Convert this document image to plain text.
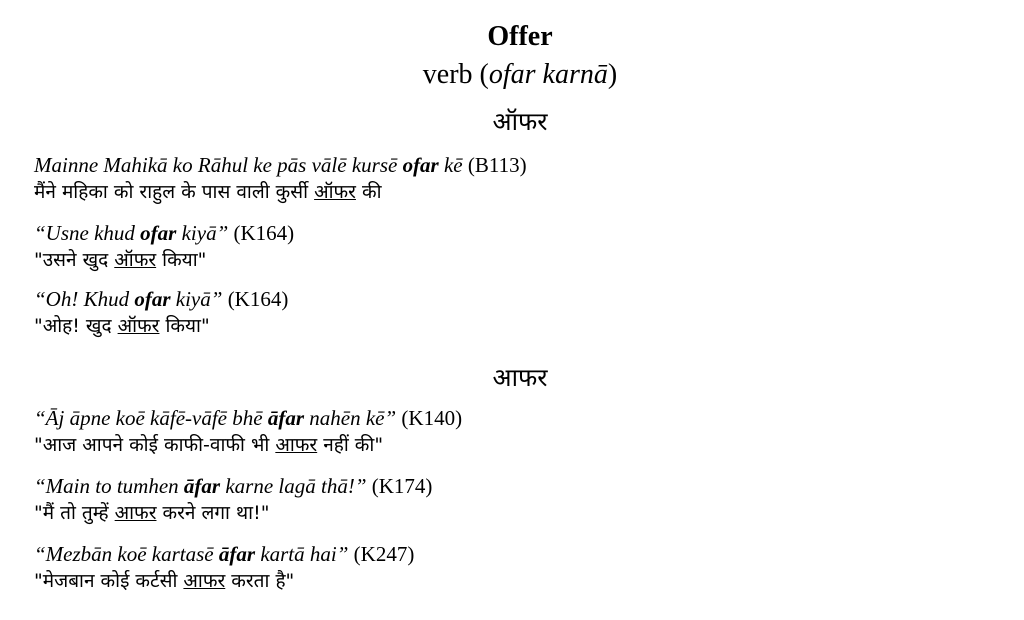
Offer
verb (ofar karnā)
ऑफर
Mainne Mahikā ko Rāhul ke pās vālē kursē ofar kē (B113)
मैंने महिका को राहुल के पास वाली कुर्सी ऑफर की
“Usne khud ofar kiyā” (K164)
"उसने खुद ऑफर किया"
“Oh! Khud ofar kiyā” (K164)
"ओह! खुद ऑफर किया"
आफर
“Āj āpne koē kāfē-vāfē bhē āfar nahēn kē” (K140)
"आज आपने कोई काफी-वाफी भी आफर नहीं की"
“Main to tumhen āfar karne lagā thā!” (K174)
"मैं तो तुम्हें आफर करने लगा था!"
“Mezbān koē kartasē āfar kartā hai” (K247)
"मेजबान कोई कर्टसी आफर करता है"
